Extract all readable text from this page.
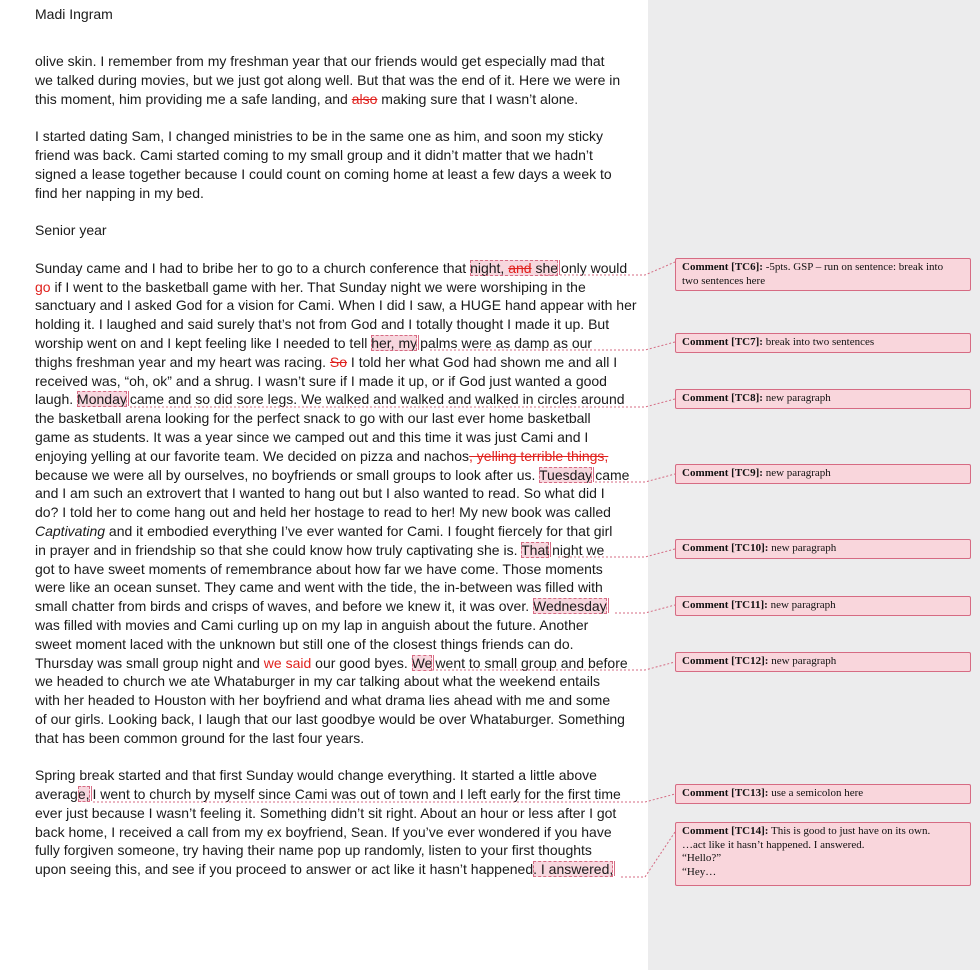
Madi Ingram

olive skin. I remember from my freshman year that our friends would get especially mad that
we talked during movies, but we just got along well. But that was the end of it. Here we were in
this moment, him providing me a safe landing, and also making sure that I wasn’t alone.

I started dating Sam, I changed ministries to be in the same one as him, and soon my sticky
friend was back. Cami started coming to my small group and it didn’t matter that we hadn’t
signed a lease together because I could count on coming home at least a few days a week to
find her napping in my bed.

Senior year

Sunday came and I had to bribe her to go to a church conference that night, and she only would
go if I went to the basketball game with her. That Sunday night we were worshiping in the
sanctuary and I asked God for a vision for Cami. When I did I saw, a HUGE hand appear with her
holding it. I laughed and said surely that’s not from God and I totally thought I made it up. But
worship went on and I kept feeling like I needed to tell her, my palms were as damp as our
thighs freshman year and my heart was racing. So I told her what God had shown me and all I
received was, “oh, ok” and a shrug. I wasn’t sure if I made it up, or if God just wanted a good
laugh. Monday came and so did sore legs. We walked and walked and walked in circles around
the basketball arena looking for the perfect snack to go with our last ever home basketball
game as students. It was a year since we camped out and this time it was just Cami and I
enjoying yelling at our favorite team. We decided on pizza and nachos, yelling terrible things,
because we were all by ourselves, no boyfriends or small groups to look after us. Tuesday came
and I am such an extrovert that I wanted to hang out but I also wanted to read. So what did I
do? I told her to come hang out and held her hostage to read to her! My new book was called
Captivating and it embodied everything I’ve ever wanted for Cami. I fought fiercely for that girl
in prayer and in friendship so that she could know how truly captivating she is. That night we
got to have sweet moments of remembrance about how far we have come. Those moments
were like an ocean sunset. They came and went with the tide, the in-between was filled with
small chatter from birds and crisps of waves, and before we knew it, it was over. Wednesday
was filled with movies and Cami curling up on my lap in anguish about the future. Another
sweet moment laced with the unknown but still one of the closest things friends can do.
Thursday was small group night and we said our good byes. We went to small group and before
we headed to church we ate Whataburger in my car talking about what the weekend entails
with her headed to Houston with her boyfriend and what drama lies ahead with me and some
of our girls. Looking back, I laugh that our last goodbye would be over Whataburger. Something
that has been common ground for the last four years.

Spring break started and that first Sunday would change everything. It started a little above
average, I went to church by myself since Cami was out of town and I left early for the first time
ever just because I wasn’t feeling it. Something didn’t sit right. About an hour or less after I got
back home, I received a call from my ex boyfriend, Sean. If you’ve ever wondered if you have
fully forgiven someone, try having their name pop up randomly, listen to your first thoughts
upon seeing this, and see if you proceed to answer or act like it hasn’t happened. I answered,

Comment [TC6]: -5pts. GSP – run on sentence: break into
two sentences here
Comment [TC7]: break into two sentences
Comment [TC8]: new paragraph
Comment [TC9]: new paragraph
Comment [TC10]: new paragraph
Comment [TC11]: new paragraph
Comment [TC12]: new paragraph
Comment [TC13]: use a semicolon here
Comment [TC14]: This is good to just have on its own.
…act like it hasn’t happened. I answered.
“Hello?”
“Hey…
